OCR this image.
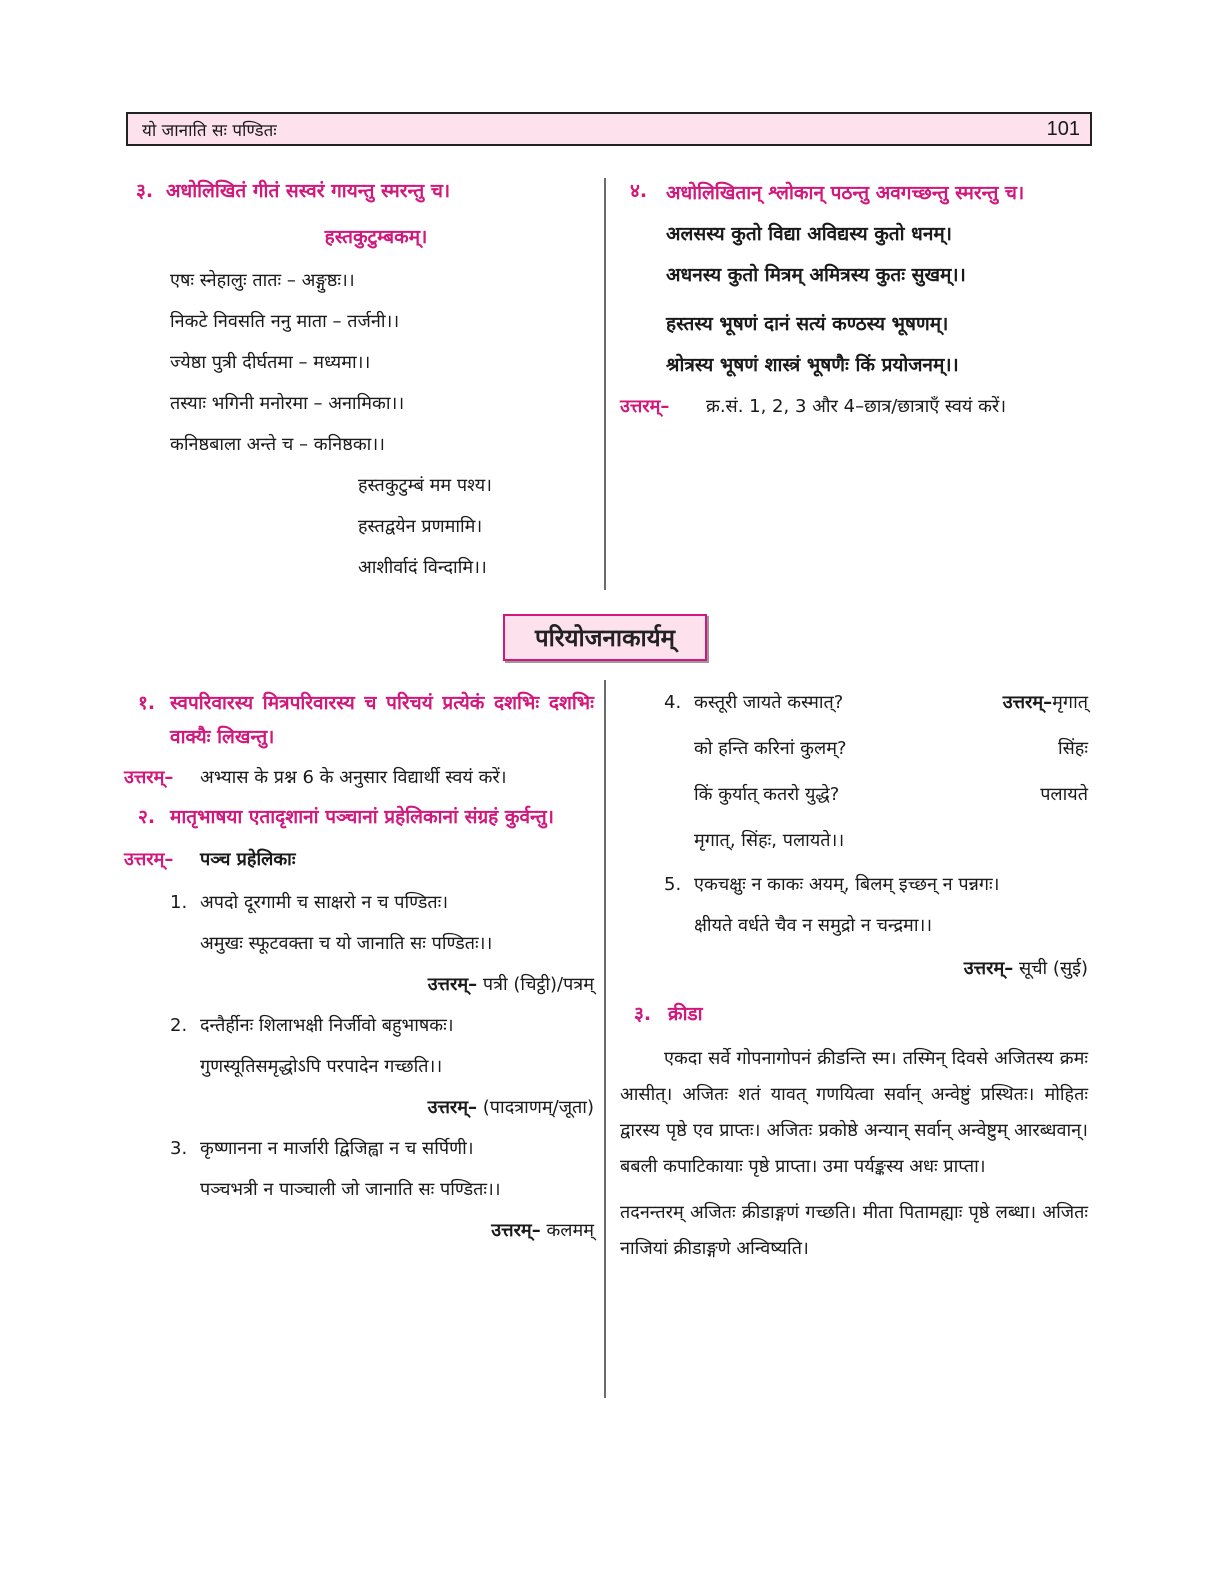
यो जानाति सः पण्डितः	101
३. अधोलिखितं गीतं सस्वरं गायन्तु स्मरन्तु च।
हस्तकुटुम्बकम्।
एषः स्नेहालुः तातः – अङ्गुष्ठः।।
निकटे निवसति ननु माता – तर्जनी।।
ज्येष्ठा पुत्री दीर्घतमा – मध्यमा।।
तस्याः भगिनी मनोरमा – अनामिका।।
कनिष्ठबाला अन्ते च – कनिष्ठका।।
हस्तकुटुम्बं मम पश्य।
हस्तद्वयेन प्रणमामि।
आशीर्वादं विन्दामि।।
४. अधोलिखितान् श्लोकान् पठन्तु अवगच्छन्तु स्मरन्तु च।
अलसस्य कुतो विद्या अविद्यस्य कुतो धनम्।
अधनस्य कुतो मित्रम् अमित्रस्य कुतः सुखम्।।
हस्तस्य भूषणं दानं सत्यं कण्ठस्य भूषणम्।
श्रोत्रस्य भूषणं शास्त्रं भूषणैः किं प्रयोजनम्।।
उत्तरम्–	क्र.सं. 1, 2, 3 और 4–छात्र/छात्राएँ स्वयं करें।
परियोजनाकार्यम्
१. स्वपरिवारस्य मित्रपरिवारस्य च परिचयं प्रत्येकं दशभिः दशभिः वाक्यैः लिखन्तु।
उत्तरम्–	अभ्यास के प्रश्न 6 के अनुसार विद्यार्थी स्वयं करें।
२. मातृभाषया एतादृशानां पञ्चानां प्रहेलिकानां संग्रहं कुर्वन्तु।
उत्तरम्–	पञ्च प्रहेलिकाः
1. अपदो दूरगामी च साक्षरो न च पण्डितः।
अमुखः स्फूटवक्ता च यो जानाति सः पण्डितः।।
उत्तरम्– पत्री (चिट्ठी)/पत्रम्
2. दन्तैर्हीनः शिलाभक्षी निर्जीवो बहुभाषकः।
गुणस्यूतिसमृद्धोऽपि परपादेन गच्छति।।
उत्तरम्– (पादत्राणम्/जूता)
3. कृष्णानना न मार्जारी द्विजिह्वा न च सर्पिणी।
पञ्चभत्री न पाञ्चाली जो जानाति सः पण्डितः।।
उत्तरम्– कलमम्
4. कस्तूरी जायते कस्मात्?	उत्तरम्–मृगात्
को हन्ति करिनां कुलम्?	सिंहः
किं कुर्यात् कतरो युद्धे?	पलायते
मृगात्, सिंहः, पलायते।।
5. एकचक्षुः न काकः अयम्, बिलम् इच्छन् न पन्नगः।
क्षीयते वर्धते चैव न समुद्रो न चन्द्रमा।।
उत्तरम्– सूची (सुई)
३. क्रीडा
एकदा सर्वे गोपनागोपनं क्रीडन्ति स्म। तस्मिन् दिवसे अजितस्य क्रमः आसीत्। अजितः शतं यावत् गणयित्वा सर्वान् अन्वेष्टुं प्रस्थितः। मोहितः द्वारस्य पृष्ठे एव प्राप्तः। अजितः प्रकोष्ठे अन्यान् सर्वान् अन्वेष्टुम् आरब्धवान्। बबली कपाटिकायाः पृष्ठे प्राप्ता। उमा पर्यङ्कस्य अधः प्राप्ता।
तदनन्तरम् अजितः क्रीडाङ्गणं गच्छति। मीता पितामह्याः पृष्ठे लब्धा। अजितः नाजियां क्रीडाङ्गणे अन्विष्यति।
